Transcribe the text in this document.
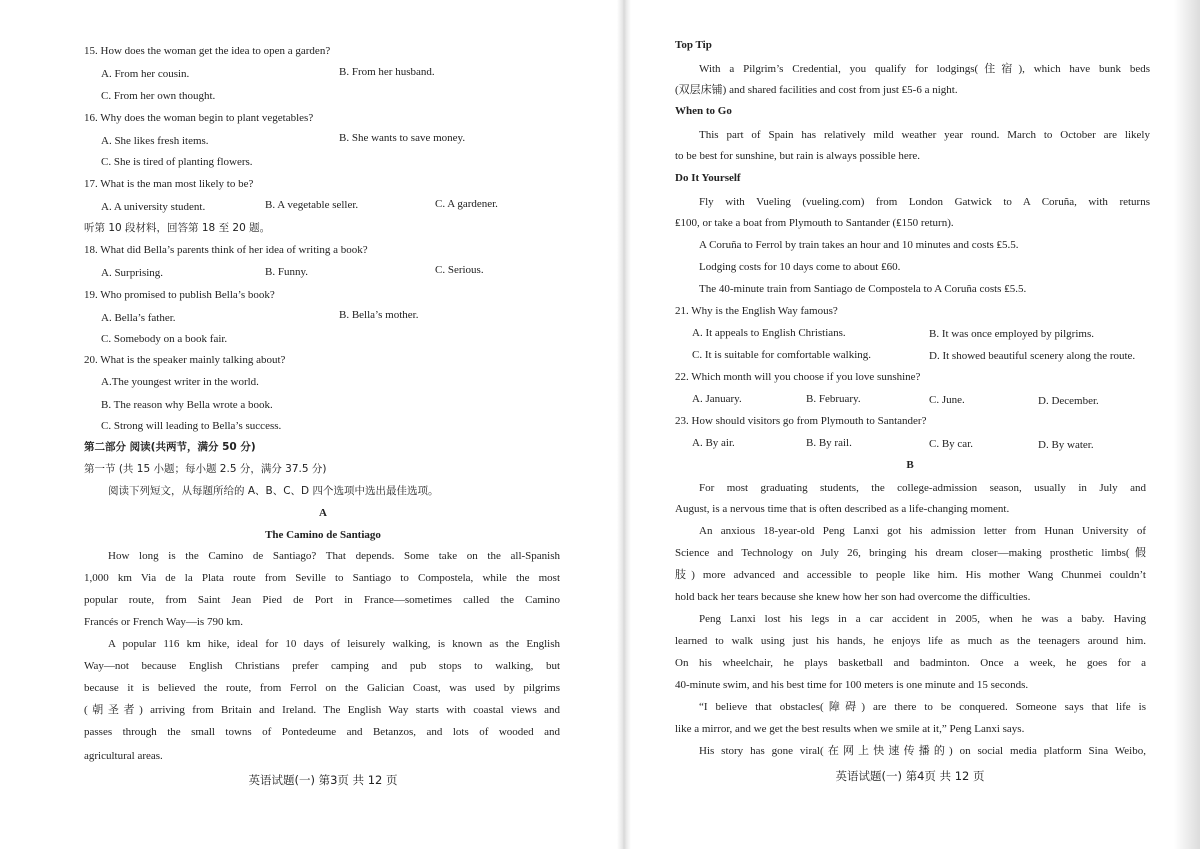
15. How does the woman get the idea to open a garden?
A. From her cousin.	B. From her husband.
C. From her own thought.
16. Why does the woman begin to plant vegetables?
A. She likes fresh items.	B. She wants to save money.
C. She is tired of planting flowers.
17. What is the man most likely to be?
A. A university student.	B. A vegetable seller.	C. A gardener.
听第 10 段材料，回答第 18 至 20 题。
18. What did Bella’s parents think of her idea of writing a book?
A. Surprising.	B. Funny.	C. Serious.
19. Who promised to publish Bella’s book?
A. Bella’s father.	B. Bella’s mother.
C. Somebody on a book fair.
20. What is the speaker mainly talking about?
A.The youngest writer in the world.
B. The reason why Bella wrote a book.
C. Strong will leading to Bella’s success.
第二部分 阅读(共两节，满分 50 分)
第一节 (共 15 小题；每小题 2.5 分，满分 37.5 分)
阅读下列短文，从每题所给的 A、B、C、D 四个选项中选出最佳选项。
A
The Camino de Santiago
How long is the Camino de Santiago? That depends. Some take on the all-Spanish
1,000 km Via de la Plata route from Seville to Santiago to Compostela, while the most
popular route, from Saint Jean Pied de Port in France—sometimes called the Camino
Francés or French Way—is 790 km.
A popular 116 km hike, ideal for 10 days of leisurely walking, is known as the English
Way—not because English Christians prefer camping and pub stops to walking, but
because it is believed the route, from Ferrol on the Galician Coast, was used by pilgrims
(朝圣者) arriving from Britain and Ireland. The English Way starts with coastal views and
passes through the small towns of Pontedeume and Betanzos, and lots of wooded and
agricultural areas.
英语试题(一) 第3页 共 12 页
Top Tip
With a Pilgrim’s Credential, you qualify for lodgings(住宿), which have bunk beds
(双层床铺) and shared facilities and cost from just ₤5-6 a night.
When to Go
This part of Spain has relatively mild weather year round. March to October are likely
to be best for sunshine, but rain is always possible here.
Do It Yourself
Fly with Vueling (vueling.com) from London Gatwick to A Coruña, with returns
₤100, or take a boat from Plymouth to Santander (₤150 return).
A Coruña to Ferrol by train takes an hour and 10 minutes and costs ₤5.5.
Lodging costs for 10 days come to about ₤60.
The 40-minute train from Santiago de Compostela to A Coruña costs ₤5.5.
21. Why is the English Way famous?
A. It appeals to English Christians.	B. It was once employed by pilgrims.
C. It is suitable for comfortable walking.	D. It showed beautiful scenery along the route.
22. Which month will you choose if you love sunshine?
A. January.	B. February.	C. June.	D. December.
23. How should visitors go from Plymouth to Santander?
A. By air.	B. By rail.	C. By car.	D. By water.
B
For most graduating students, the college-admission season, usually in July and
August, is a nervous time that is often described as a life-changing moment.
An anxious 18-year-old Peng Lanxi got his admission letter from Hunan University of
Science and Technology on July 26, bringing his dream closer—making prosthetic limbs(假
肢) more advanced and accessible to people like him. His mother Wang Chunmei couldn’t
hold back her tears because she knew how her son had overcome the difficulties.
Peng Lanxi lost his legs in a car accident in 2005, when he was a baby. Having
learned to walk using just his hands, he enjoys life as much as the teenagers around him.
On his wheelchair, he plays basketball and badminton. Once a week, he goes for a
40-minute swim, and his best time for 100 meters is one minute and 15 seconds.
“I believe that obstacles(障碍) are there to be conquered. Someone says that life is
like a mirror, and we get the best results when we smile at it,” Peng Lanxi says.
His story has gone viral(在网上快速传播的) on social media platform Sina Weibo,
英语试题(一) 第4页 共 12 页
